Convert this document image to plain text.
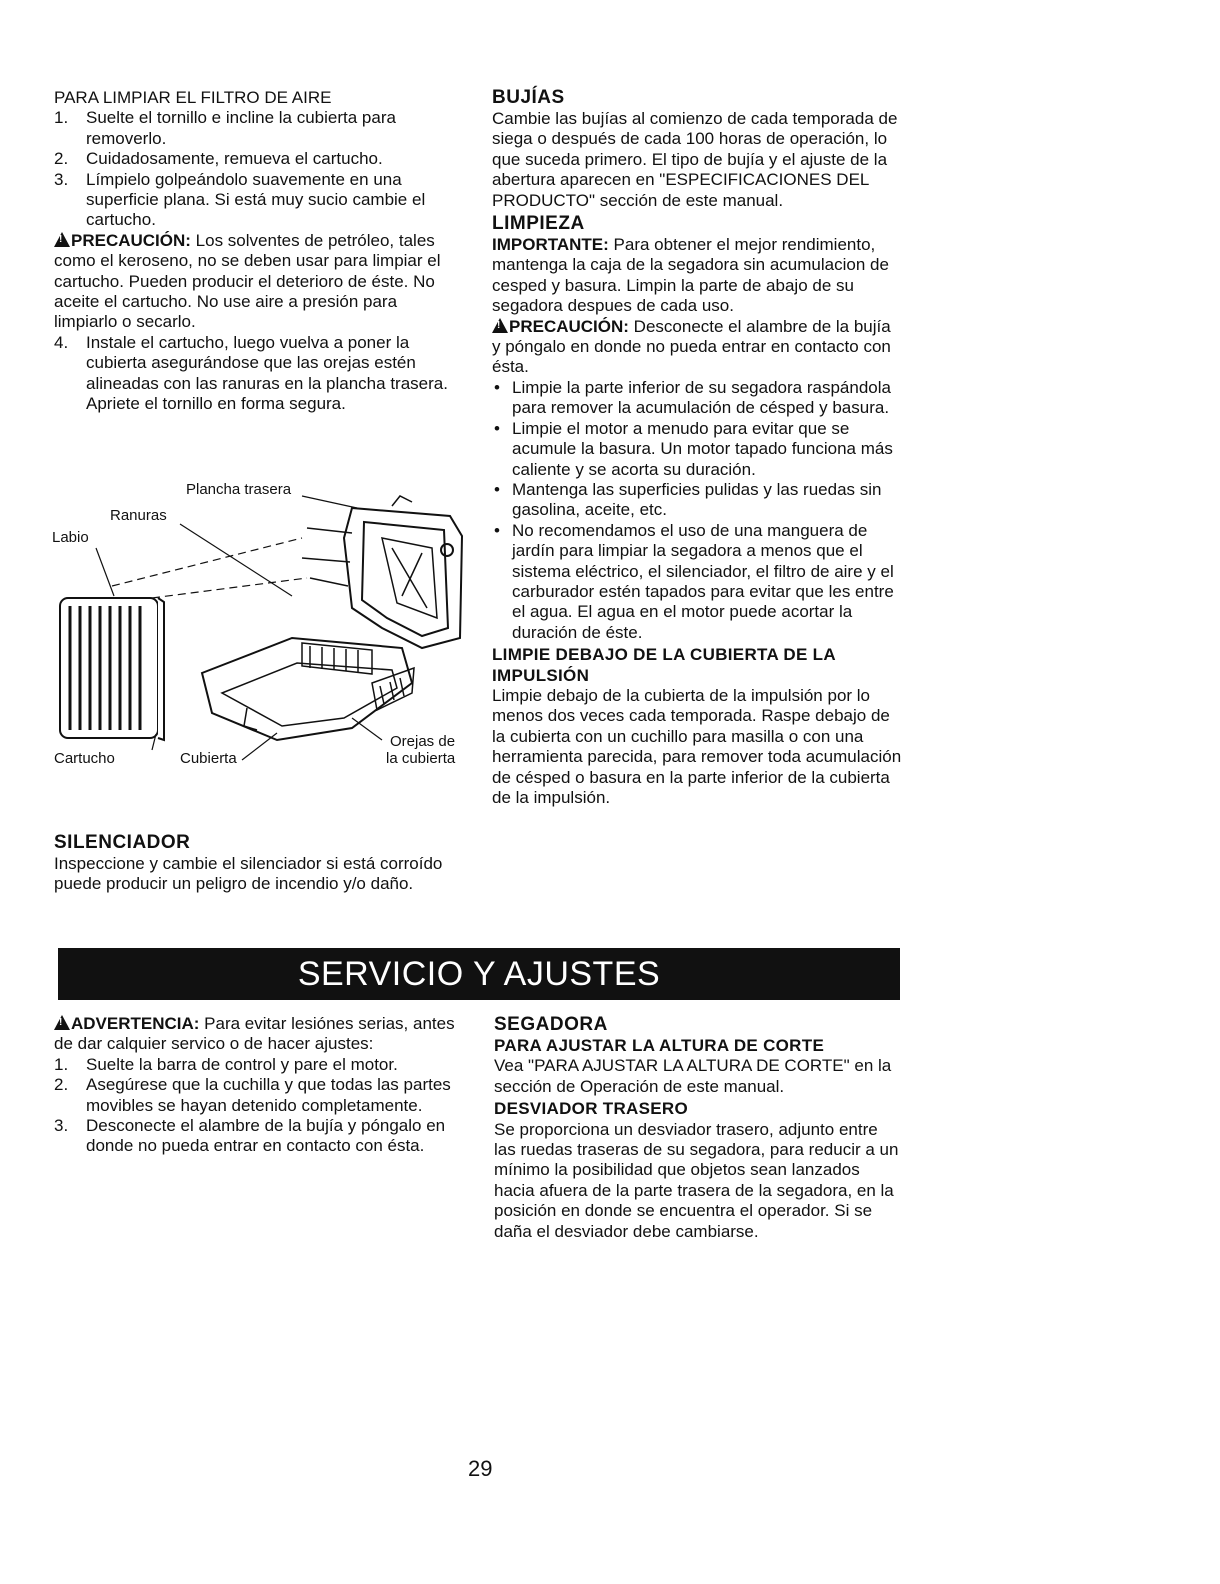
PARA LIMPIAR EL FILTRO DE AIRE

1. Suelte el tornillo e incline la cubierta para removerlo.
2. Cuidadosamente, remueva el cartucho.
3. Límpielo golpeándolo suavemente en una superficie plana. Si está muy sucio cambie el cartucho.

!PRECAUCIÓN: Los solventes de petróleo, tales como el keroseno, no se deben usar para limpiar el cartucho. Pueden producir el deterioro de éste. No aceite el cartucho. No use aire a presión para limpiarlo o secarlo.

4. Instale el cartucho, luego vuelva a poner la cubierta asegurándose que las orejas estén alineadas con las ranuras en la plancha trasera. Apriete el tornillo en forma segura.
Plancha trasera
Ranuras
Labio
Cartucho	Cubierta
Orejas de
la cubierta

SILENCIADOR

Inspeccione y cambie el silenciador si está corroído puede producir un peligro de incendio y/o daño.

BUJÍAS

Cambie las bujías al comienzo de cada temporada de siega o después de cada 100 horas de operación, lo que suceda primero. El tipo de bujía y el ajuste de la abertura aparecen en "ESPECIFICACIONES DEL PRODUCTO" sección de este manual.

LIMPIEZA

IMPORTANTE: Para obtener el mejor rendimiento, mantenga la caja de la segadora sin acumulacion de cesped y basura. Limpin la parte de abajo de su segadora despues de cada uso.

!PRECAUCIÓN: Desconecte el alambre de la bujía y póngalo en donde no pueda entrar en contacto con ésta.

• Limpie la parte inferior de su segadora raspándola para remover la acumulación de césped y basura.
• Limpie el motor a menudo para evitar que se acumule la basura. Un motor tapado funciona más caliente y se acorta su duración.
• Mantenga las superficies pulidas y las ruedas sin gasolina, aceite, etc.
• No recomendamos el uso de una manguera de jardín para limpiar la segadora a menos que el sistema eléctrico, el silenciador, el filtro de aire y el carburador estén tapados para evitar que les entre el agua. El agua en el motor puede acortar la duración de éste.

LIMPIE DEBAJO DE LA CUBIERTA DE LA IMPULSIÓN

Limpie debajo de la cubierta de la impulsión por lo menos dos veces cada temporada. Raspe debajo de la cubierta con un cuchillo para masilla o con una herramienta parecida, para remover toda acumulación de césped o basura en la parte inferior de la cubierta de la impulsión.

SERVICIO Y AJUSTES

!ADVERTENCIA: Para evitar lesiónes serias, antes de dar calquier servico o de hacer ajustes:

1. Suelte la barra de control y pare el motor.
2. Asegúrese que la cuchilla y que todas las partes movibles se hayan detenido completamente.
3. Desconecte el alambre de la bujía y póngalo en donde no pueda entrar en contacto con ésta.

SEGADORA

PARA AJUSTAR LA ALTURA DE CORTE

Vea "PARA AJUSTAR LA ALTURA DE CORTE" en la sección de Operación de este manual.

DESVIADOR TRASERO

Se proporciona un desviador trasero, adjunto entre las ruedas traseras de su segadora, para reducir a un mínimo la posibilidad que objetos sean lanzados hacia afuera de la parte trasera de la segadora, en la posición en donde se encuentra el operador. Si se daña el desviador debe cambiarse.

29
